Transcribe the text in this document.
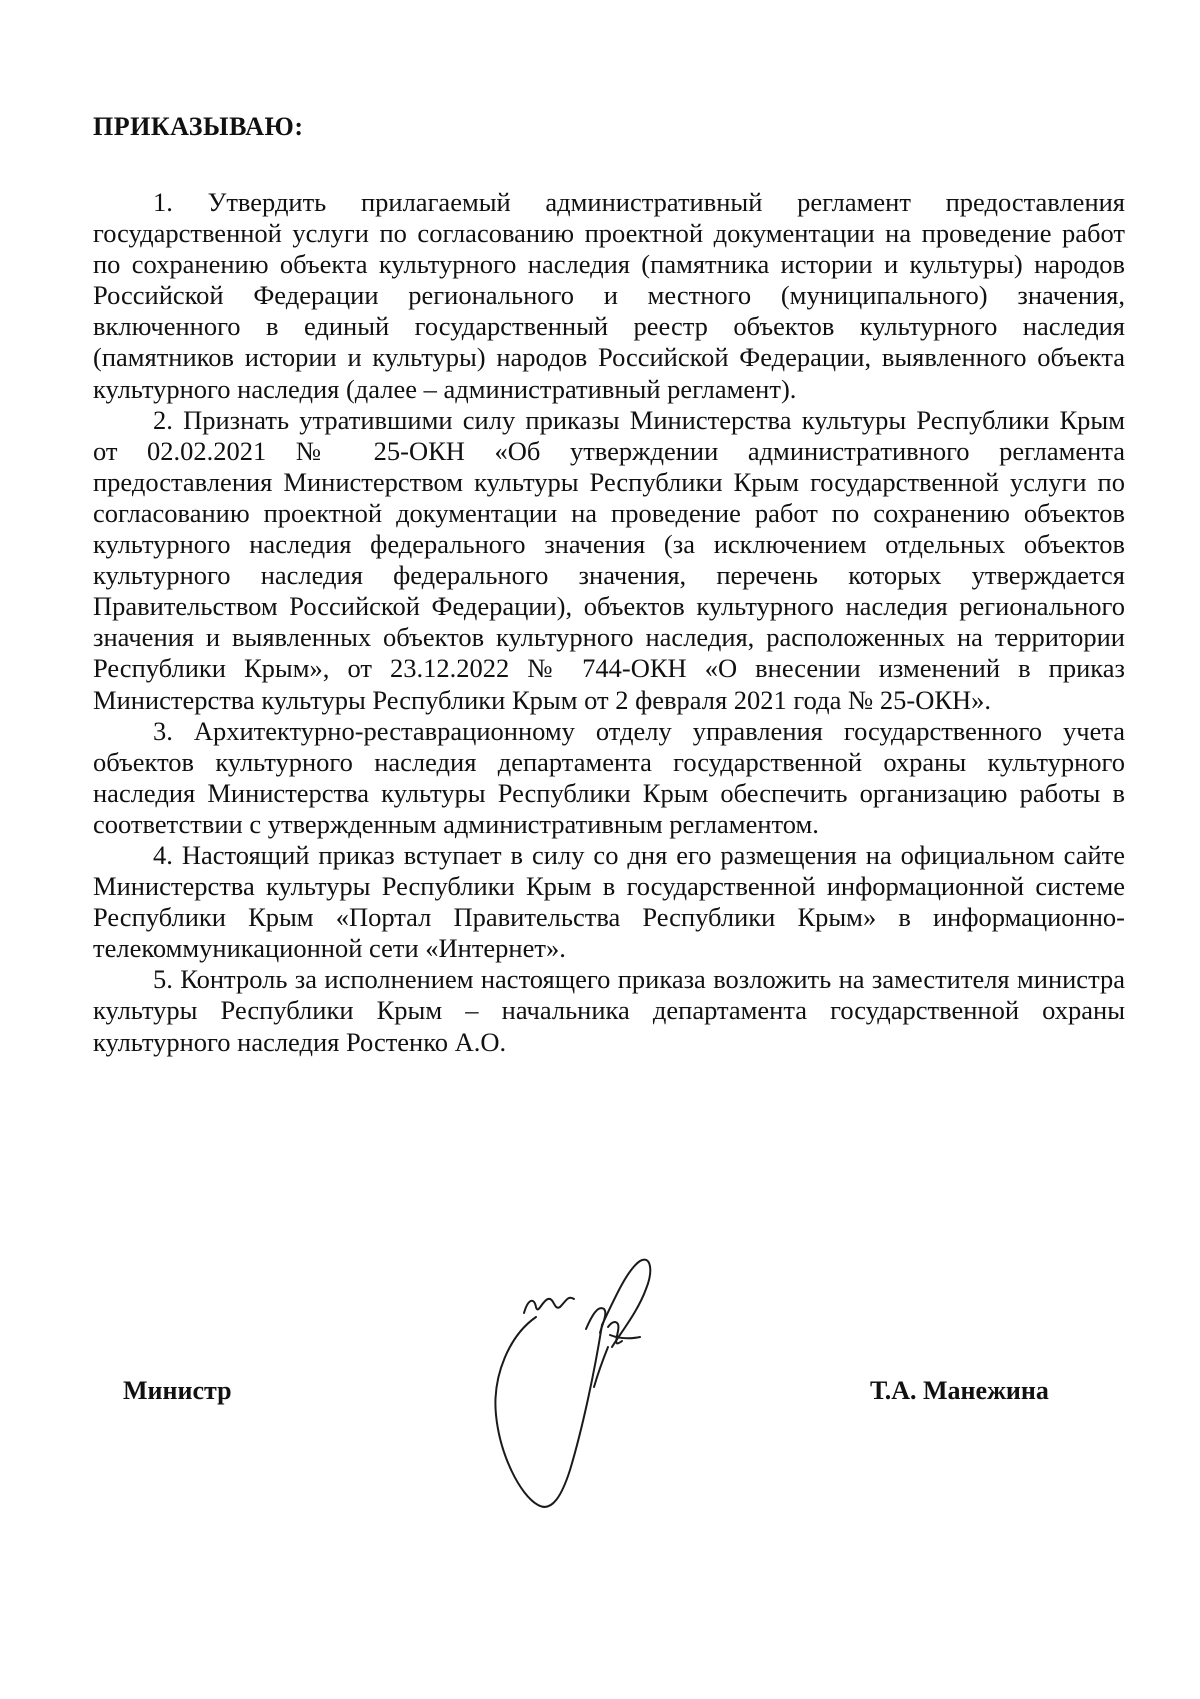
ПРИКАЗЫВАЮ:

1. Утвердить прилагаемый административный регламент предоставления государственной услуги по согласованию проектной документации на проведение работ по сохранению объекта культурного наследия (памятника истории и культуры) народов Российской Федерации регионального и местного (муниципального) значения, включенного в единый государственный реестр объектов культурного наследия (памятников истории и культуры) народов Российской Федерации, выявленного объекта культурного наследия (далее – административный регламент).

2. Признать утратившими силу приказы Министерства культуры Республики Крым от 02.02.2021 № 25-ОКН «Об утверждении административного регламента предоставления Министерством культуры Республики Крым государственной услуги по согласованию проектной документации на проведение работ по сохранению объектов культурного наследия федерального значения (за исключением отдельных объектов культурного наследия федерального значения, перечень которых утверждается Правительством Российской Федерации), объектов культурного наследия регионального значения и выявленных объектов культурного наследия, расположенных на территории Республики Крым», от 23.12.2022 № 744-ОКН «О внесении изменений в приказ Министерства культуры Республики Крым от 2 февраля 2021 года № 25-ОКН».

3. Архитектурно-реставрационному отделу управления государственного учета объектов культурного наследия департамента государственной охраны культурного наследия Министерства культуры Республики Крым обеспечить организацию работы в соответствии с утвержденным административным регламентом.

4. Настоящий приказ вступает в силу со дня его размещения на официальном сайте Министерства культуры Республики Крым в государственной информационной системе Республики Крым «Портал Правительства Республики Крым» в информационно-телекоммуникационной сети «Интернет».

5. Контроль за исполнением настоящего приказа возложить на заместителя министра культуры Республики Крым – начальника департамента государственной охраны культурного наследия Ростенко А.О.

Министр	Т.А. Манежина
